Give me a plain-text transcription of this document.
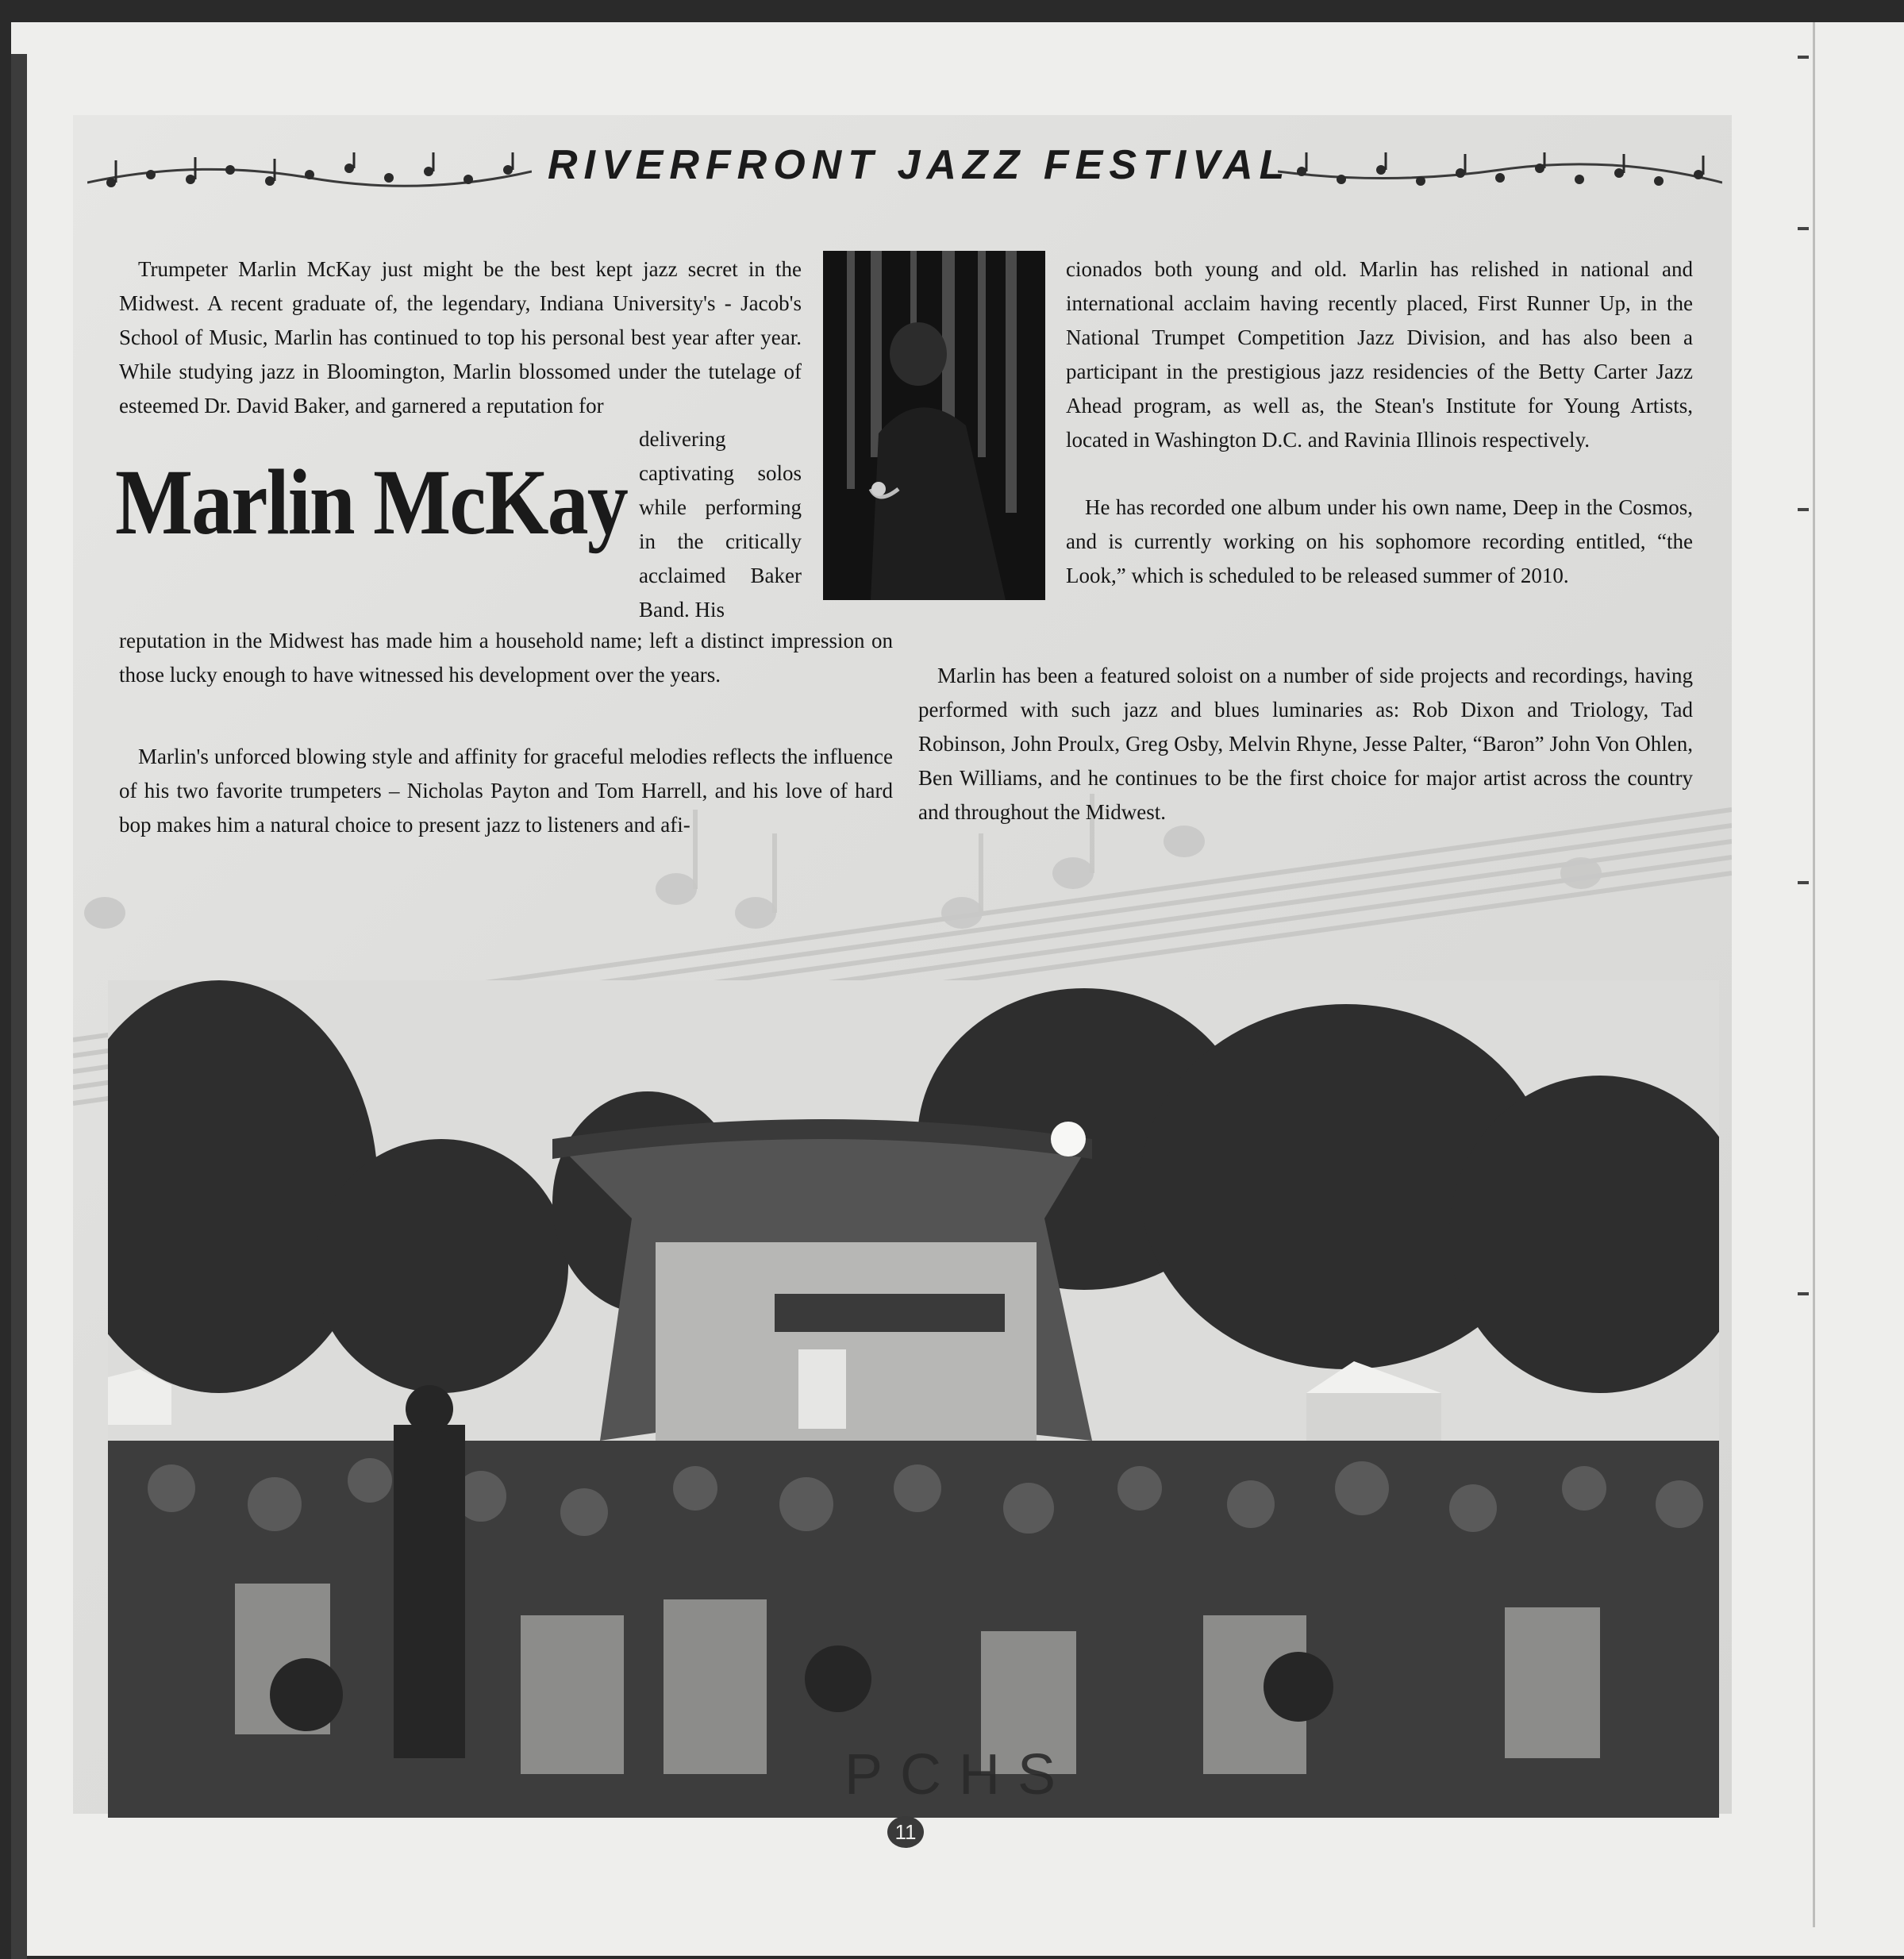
RIVERFRONT JAZZ FESTIVAL

Trumpeter Marlin McKay just might be the best kept jazz secret in the Midwest. A recent graduate of, the legendary, Indiana University's - Jacob's School of Music, Marlin has continued to top his personal best year after year. While studying jazz in Bloomington, Marlin blossomed under the tutelage of esteemed Dr. David Baker, and garnered a reputation for

Marlin McKay

delivering captivating solos while performing in the critically acclaimed Baker Band. His

reputation in the Midwest has made him a household name; left a distinct impression on those lucky enough to have witnessed his development over the years.

Marlin's unforced blowing style and affinity for graceful melodies reflects the influence of his two favorite trumpeters – Nicholas Payton and Tom Harrell, and his love of hard bop makes him a natural choice to present jazz to listeners and afi-

cionados both young and old. Marlin has relished in national and international acclaim having recently placed, First Runner Up, in the National Trumpet Competition Jazz Division, and has also been a participant in the prestigious jazz residencies of the Betty Carter Jazz Ahead program, as well as, the Stean's Institute for Young Artists, located in Washington D.C. and Ravinia Illinois respectively.

He has recorded one album under his own name, Deep in the Cosmos, and is currently working on his sophomore recording entitled, “the Look,” which is scheduled to be released summer of 2010.

Marlin has been a featured soloist on a number of side projects and recordings, having performed with such jazz and blues luminaries as: Rob Dixon and Triology, Tad Robinson, John Proulx, Greg Osby, Melvin Rhyne, Jesse Palter, “Baron” John Von Ohlen, Ben Williams, and he continues to be the first choice for major artist across the country and throughout the Midwest.

PCHS
11
